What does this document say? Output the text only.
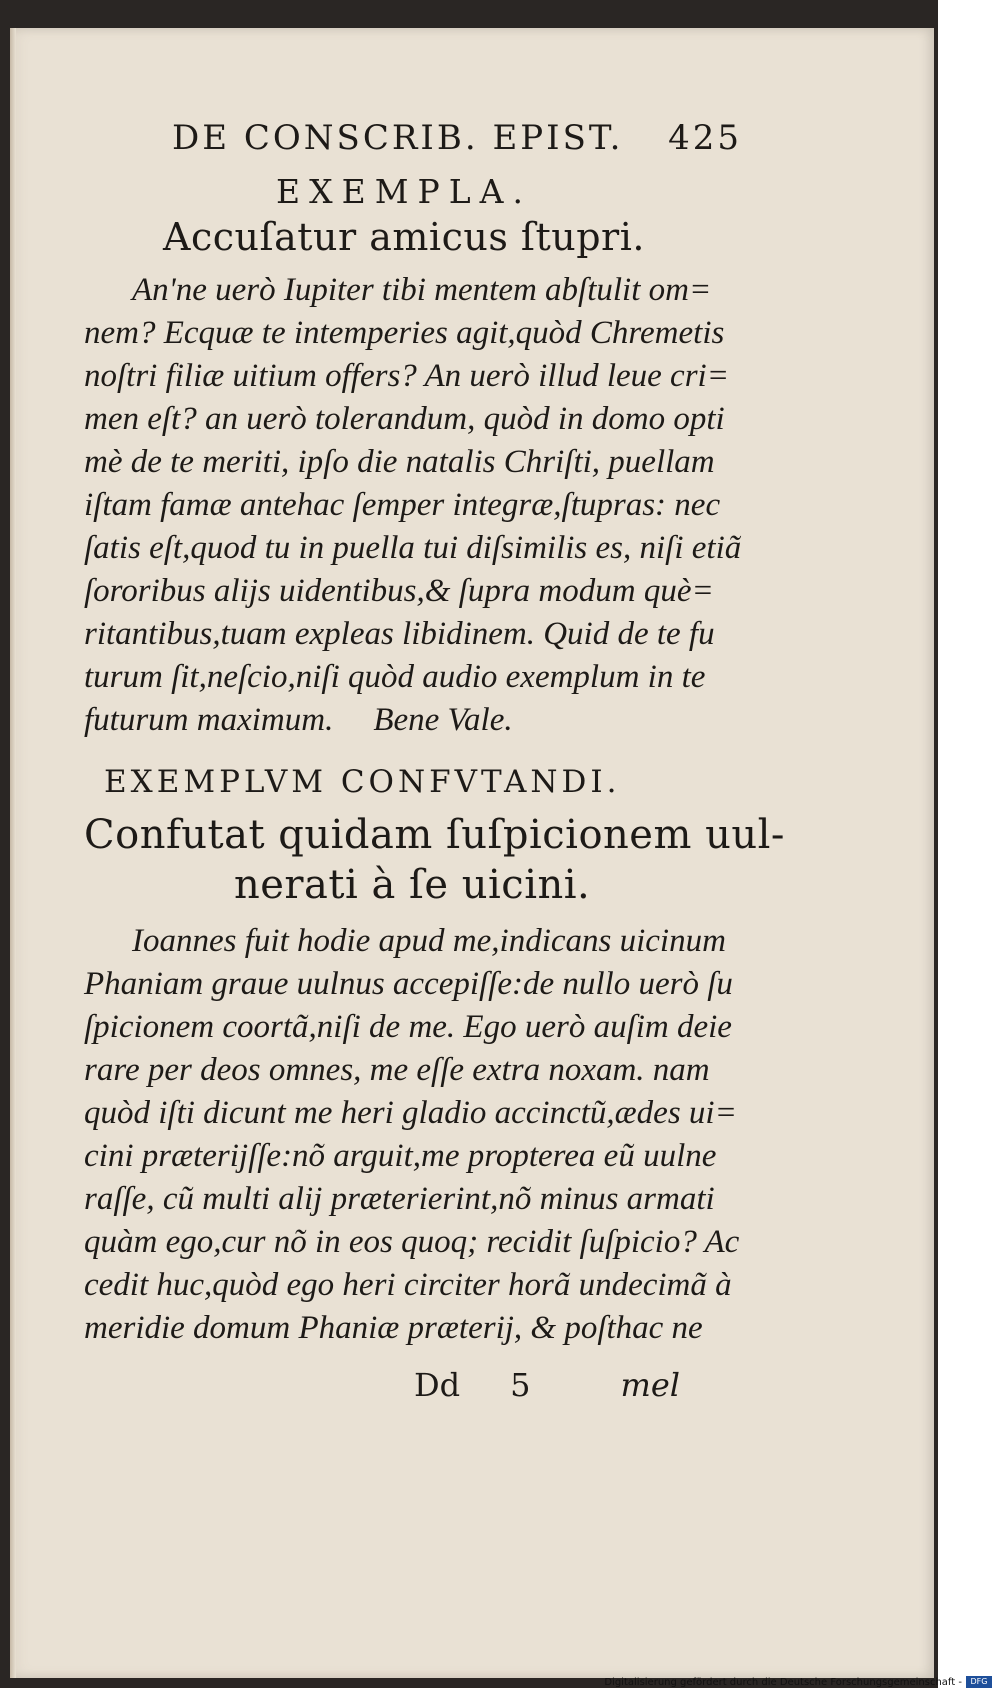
DE CONSCRIB. EPIST. 425
EXEMPLA.
Accuſatur amicus ſtupri.
An'ne uerò Iupiter tibi mentem abſtulit om=
nem? Ecquæ te intemperies agit,quòd Chremetis
noſtri filiæ uitium offers? An uerò illud leue cri=
men eſt? an uerò tolerandum, quòd in domo opti
mè de te meriti, ipſo die natalis Chriſti, puellam
iſtam famæ antehac ſemper integræ,ſtupras: nec
ſatis eſt,quod tu in puella tui diſsimilis es, niſi etiã
ſororibus alijs uidentibus,& ſupra modum què=
ritantibus,tuam expleas libidinem. Quid de te fu
turum ſit,neſcio,niſi quòd audio exemplum in te
futurum maximum. Bene Vale.
EXEMPLVM CONFVTANDI.
Confutat quidam ſuſpicionem uul-
nerati à ſe uicini.
Ioannes fuit hodie apud me,indicans uicinum
Phaniam graue uulnus accepiſſe:de nullo uerò ſu
ſpicionem coortã,niſi de me. Ego uerò auſim deie
rare per deos omnes, me eſſe extra noxam. nam
quòd iſti dicunt me heri gladio accinctũ,ædes ui=
cini præterijſſe:nõ arguit,me propterea eũ uulne
raſſe, cũ multi alij præterierint,nõ minus armati
quàm ego,cur nõ in eos quoq; recidit ſuſpicio? Ac
cedit huc,quòd ego heri circiter horã undecimã à
meridie domum Phaniæ præterij, & poſthac ne
Dd 5	mel
Digitalisierung gefördert durch die Deutsche Forschungsgemeinschaft -	DFG
